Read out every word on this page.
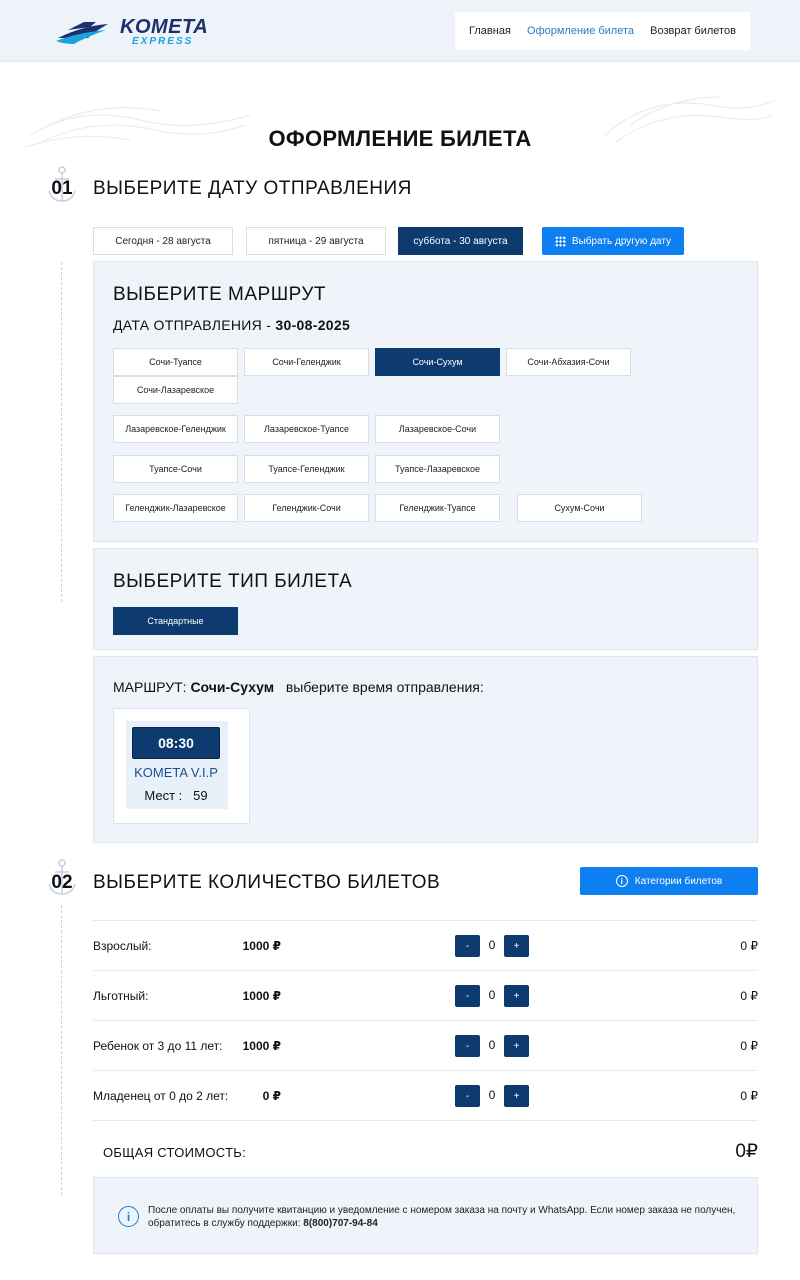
KOMETA
EXPRESS
Главная Оформление билета Возврат билетов
ОФОРМЛЕНИЕ БИЛЕТА
01	ВЫБЕРИТЕ ДАТУ ОТПРАВЛЕНИЯ
Сегодня - 28 августа	пятница - 29 августа	суббота - 30 августа	Выбрать другую дату
ВЫБЕРИТЕ МАРШРУТ
ДАТА ОТПРАВЛЕНИЯ - 30-08-2025
Сочи-Туапсе	Сочи-Геленджик	Сочи-Сухум	Сочи-Абхазия-Сочи
Сочи-Лазаревское
Лазаревское-Геленджик	Лазаревское-Туапсе	Лазаревское-Сочи
Туапсе-Сочи	Туапсе-Геленджик	Туапсе-Лазаревское
Геленджик-Лазаревское	Геленджик-Сочи	Геленджик-Туапсе	Сухум-Сочи
ВЫБЕРИТЕ ТИП БИЛЕТА
Стандартные
МАРШРУТ: Сочи-Сухум выберите время отправления:
08:30
KOMETA V.I.P
Мест : 59
02	ВЫБЕРИТЕ КОЛИЧЕСТВО БИЛЕТОВ	i	Категории билетов
Взрослый:	1000 ₽	-	0	+	0 ₽
Льготный:	1000 ₽	-	0	+	0 ₽
Ребенок от 3 до 11 лет: 1000 ₽	-	0	+	0 ₽
Младенец от 0 до 2 лет:	0 ₽	-	0	+	0 ₽
ОБЩАЯ СТОИМОСТЬ:	0₽
i	После оплаты вы получите квитанцию и уведомление с номером заказа на почту и WhatsApp. Если номер заказа не получен, обратитесь в службу поддержки: 8(800)707-94-84
